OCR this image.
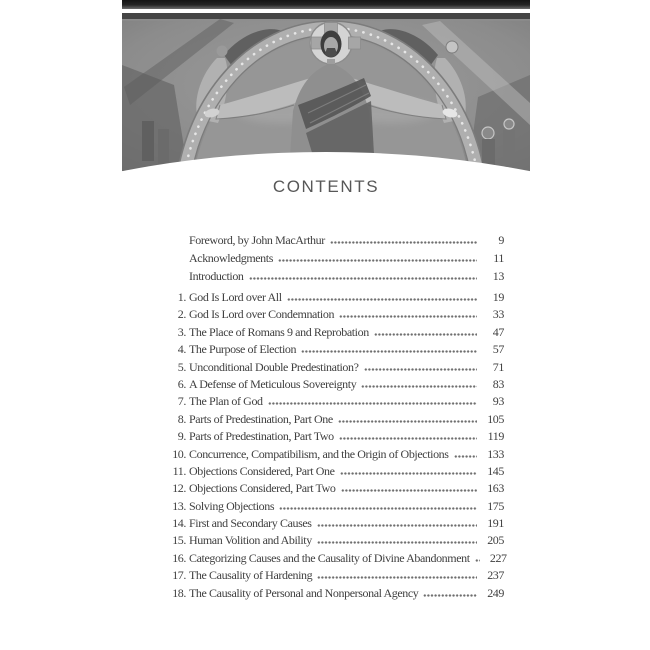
CONTENTS
Foreword, by John MacArthur	9
Acknowledgments	11
Introduction	13
1. God Is Lord over All	19
2. God Is Lord over Condemnation	33
3. The Place of Romans 9 and Reprobation	47
4. The Purpose of Election	57
5. Unconditional Double Predestination?	71
6. A Defense of Meticulous Sovereignty	83
7. The Plan of God	93
8. Parts of Predestination, Part One	105
9. Parts of Predestination, Part Two	119
10. Concurrence, Compatibilism, and the Origin of Objections	133
11. Objections Considered, Part One	145
12. Objections Considered, Part Two	163
13. Solving Objections	175
14. First and Secondary Causes	191
15. Human Volition and Ability	205
16. Categorizing Causes and the Causality of Divine Abandonment	227
17. The Causality of Hardening	237
18. The Causality of Personal and Nonpersonal Agency	249
